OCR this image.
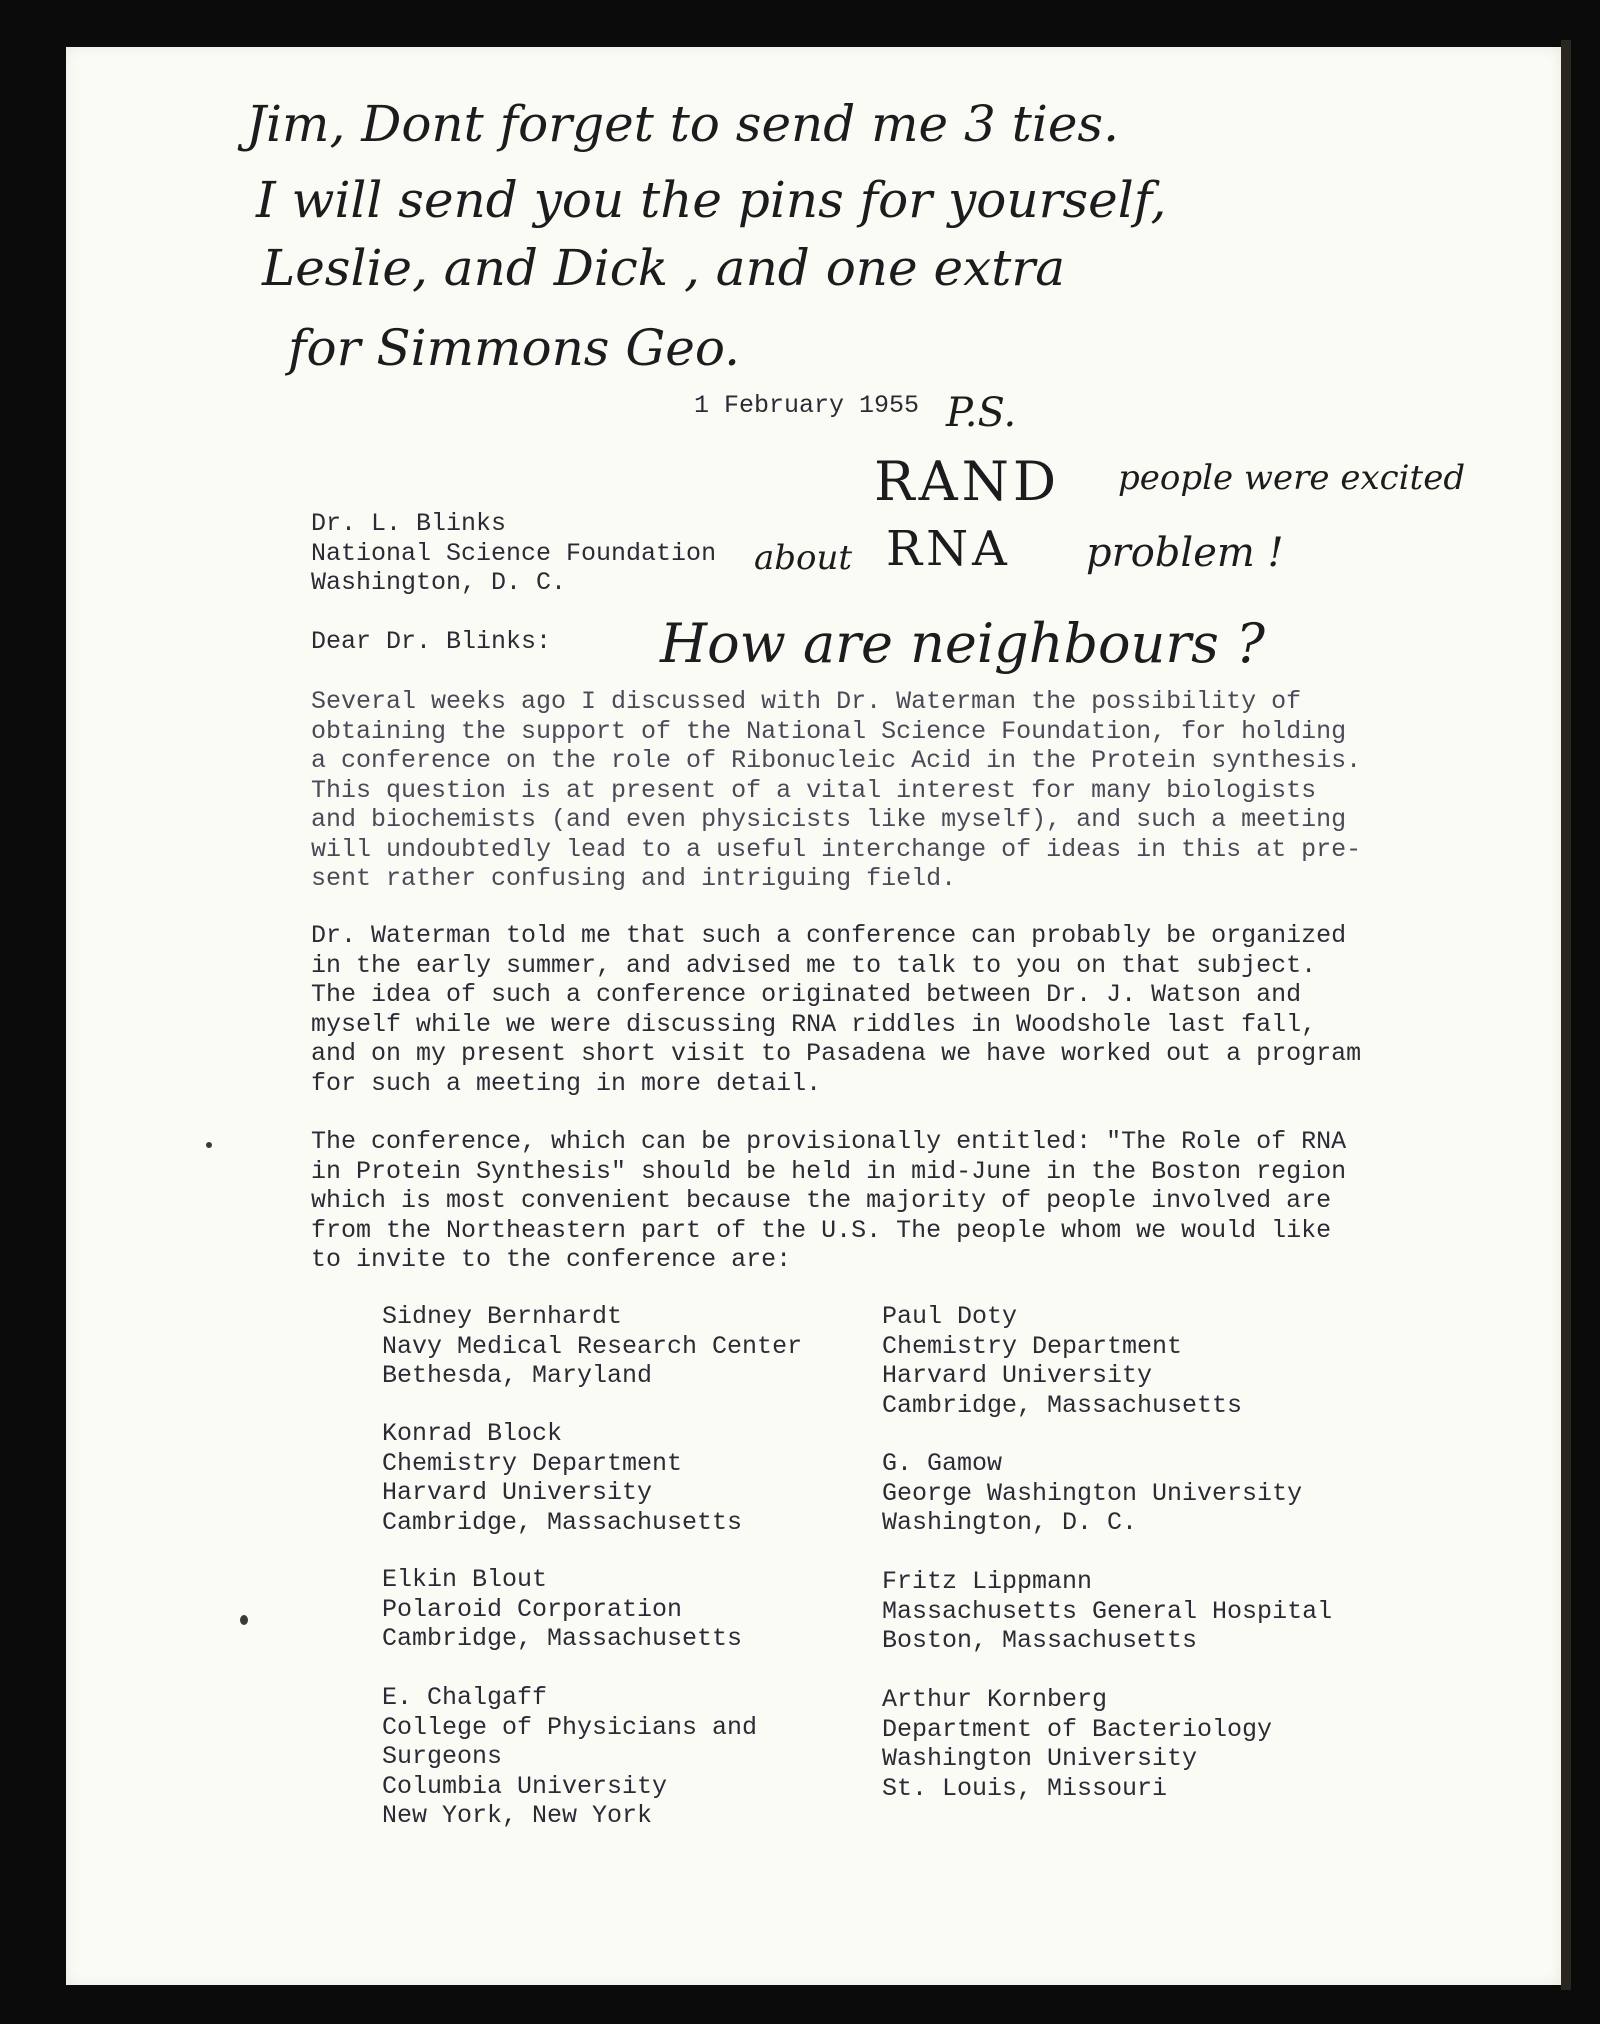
Jim, Dont forget to send me 3 ties.
I will send you the pins for yourself,
Leslie, and Dick , and one extra
for Simmons Geo.
1 February 1955 P.S.
RAND people were excited
about RNA problem !
How are neighbours ?
Dr. L. Blinks
National Science Foundation
Washington, D. C.
Dear Dr. Blinks:
Several weeks ago I discussed with Dr. Waterman the possibility of
obtaining the support of the National Science Foundation, for holding
a conference on the role of Ribonucleic Acid in the Protein synthesis.
This question is at present of a vital interest for many biologists
and biochemists (and even physicists like myself), and such a meeting
will undoubtedly lead to a useful interchange of ideas in this at pre-
sent rather confusing and intriguing field.
Dr. Waterman told me that such a conference can probably be organized
in the early summer, and advised me to talk to you on that subject.
The idea of such a conference originated between Dr. J. Watson and
myself while we were discussing RNA riddles in Woodshole last fall,
and on my present short visit to Pasadena we have worked out a program
for such a meeting in more detail.
The conference, which can be provisionally entitled: "The Role of RNA
in Protein Synthesis" should be held in mid-June in the Boston region
which is most convenient because the majority of people involved are
from the Northeastern part of the U.S. The people whom we would like
to invite to the conference are:
Sidney Bernhardt
Navy Medical Research Center
Bethesda, Maryland
Konrad Block
Chemistry Department
Harvard University
Cambridge, Massachusetts
Elkin Blout
Polaroid Corporation
Cambridge, Massachusetts
E. Chalgaff
College of Physicians and
Surgeons
Columbia University
New York, New York
Paul Doty
Chemistry Department
Harvard University
Cambridge, Massachusetts
G. Gamow
George Washington University
Washington, D. C.
Fritz Lippmann
Massachusetts General Hospital
Boston, Massachusetts
Arthur Kornberg
Department of Bacteriology
Washington University
St. Louis, Missouri
